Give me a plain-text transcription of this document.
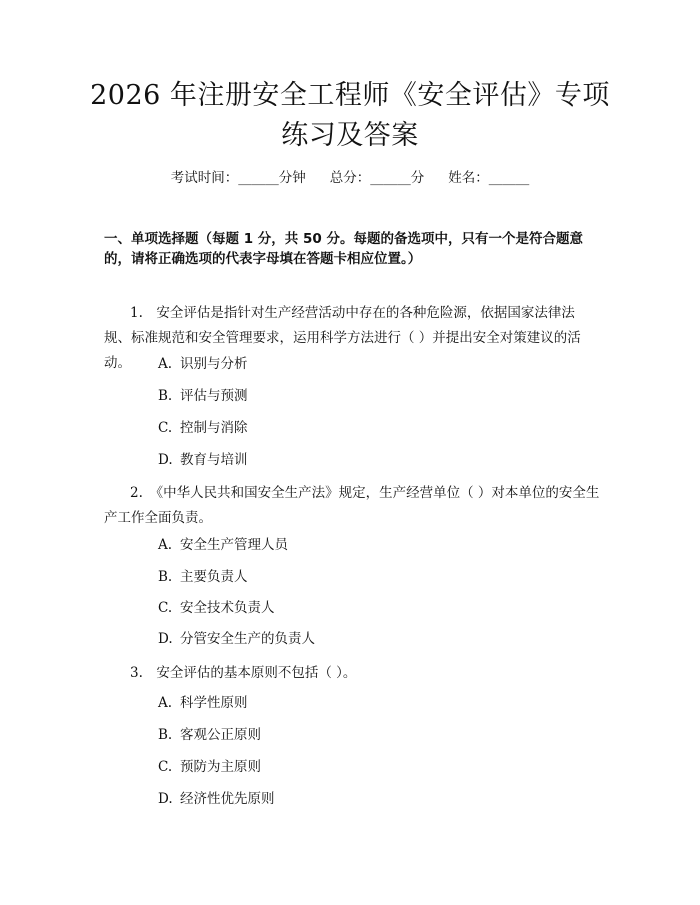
2026 年注册安全工程师《安全评估》专项练习及答案
考试时间：______分钟 总分：______分 姓名：______

一、单项选择题（每题 1 分，共 50 分。每题的备选项中，只有一个是符合题意的，请将正确选项的代表字母填在答题卡相应位置。）

1.　安全评估是指针对生产经营活动中存在的各种危险源，依据国家法律法规、标准规范和安全管理要求，运用科学方法进行（ ）并提出安全对策建议的活动。	A. 识别与分析
B. 评估与预测
C. 控制与消除
D. 教育与培训

2.　《中华人民共和国安全生产法》规定，生产经营单位（ ）对本单位的安全生产工作全面负责。

A. 安全生产管理人员
B. 主要负责人
C. 安全技术负责人
D. 分管安全生产的负责人

3.　安全评估的基本原则不包括（ ）。

A. 科学性原则
B. 客观公正原则
C. 预防为主原则
D. 经济性优先原则
